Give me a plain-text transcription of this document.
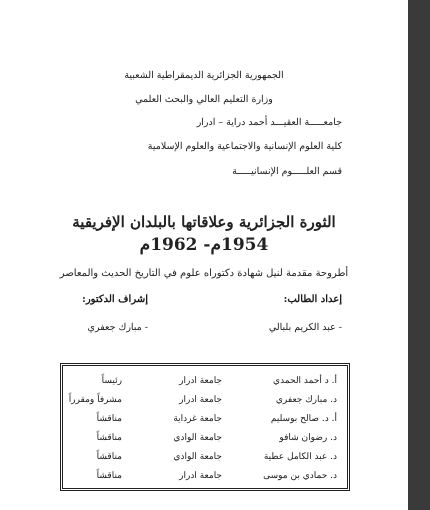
الجمهورية الجزائرية الديمقراطية الشعبية
وزارة التعليم العالي والبحث العلمي
جامعـــــة العقيـــد أحمد دراية – ادرار
كلية العلوم الإنسانية والاجتماعية والعلوم الإسلامية
قسم العلـــــوم الإنسانيـــــة
الثورة الجزائرية وعلاقاتها بالبلدان الإفريقية
1954م- 1962م
أطروحة مقدمة لنيل شهادة دكتوراه علوم في التاريخ الحديث والمعاصر
إعداد الطالب:
إشراف الدكتور:
- عبد الكريم بلبالي
- مبارك جعفري
أ. د أحمد الحمدي
جامعة ادرار
رئيساً
د. مبارك جعفري
جامعة ادرار
مشرفاً ومقرراً
أ. د. صالح بوسليم
جامعة غرداية
مناقشاً
د. رضوان شافو
جامعة الوادي
مناقشاً
د. عبد الكامل عطية
جامعة الوادي
مناقشاً
د. حمادي بن موسى
جامعة ادرار
مناقشاً
